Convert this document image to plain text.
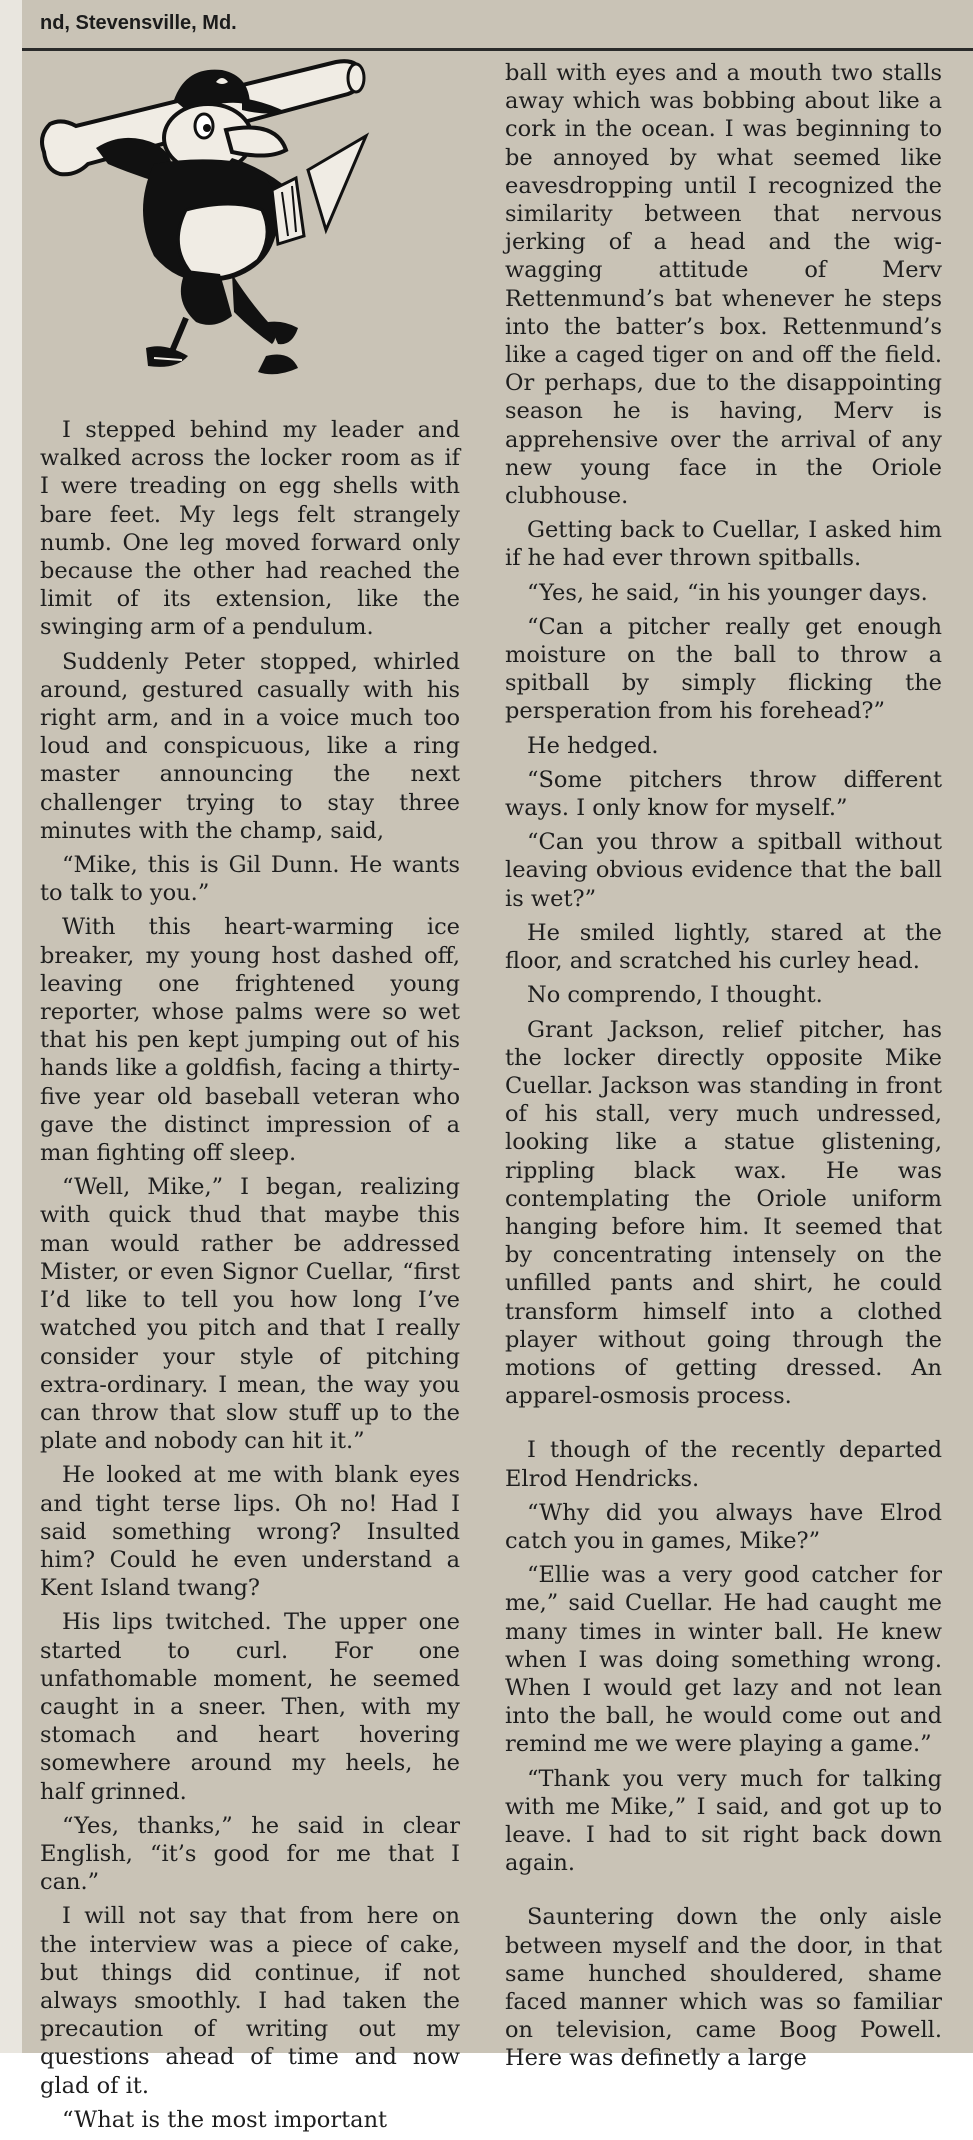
nd, Stevensville, Md.

I stepped behind my leader and walked across the locker room as if I were treading on egg shells with bare feet. My legs felt strangely numb. One leg moved forward only because the other had reached the limit of its extension, like the swinging arm of a pendulum.

Suddenly Peter stopped, whirled around, gestured casually with his right arm, and in a voice much too loud and conspicuous, like a ring master announcing the next challenger trying to stay three minutes with the champ, said,

“Mike, this is Gil Dunn. He wants to talk to you.”

With this heart-warming ice breaker, my young host dashed off, leaving one frightened young reporter, whose palms were so wet that his pen kept jumping out of his hands like a goldfish, facing a thirty-five year old baseball veteran who gave the distinct impression of a man fighting off sleep.

“Well, Mike,” I began, realizing with quick thud that maybe this man would rather be addressed Mister, or even Signor Cuellar, “first I’d like to tell you how long I’ve watched you pitch and that I really consider your style of pitching extra-ordinary. I mean, the way you can throw that slow stuff up to the plate and nobody can hit it.”

He looked at me with blank eyes and tight terse lips. Oh no! Had I said something wrong? Insulted him? Could he even understand a Kent Island twang?

His lips twitched. The upper one started to curl. For one unfathomable moment, he seemed caught in a sneer. Then, with my stomach and heart hovering somewhere around my heels, he half grinned.

“Yes, thanks,” he said in clear English, “it’s good for me that I can.”

I will not say that from here on the interview was a piece of cake, but things did continue, if not always smoothly. I had taken the precaution of writing out my questions ahead of time and now glad of it.

“What is the most important

ball with eyes and a mouth two stalls away which was bobbing about like a cork in the ocean. I was beginning to be annoyed by what seemed like eavesdropping until I recognized the similarity between that nervous jerking of a head and the wig-wagging attitude of Merv Rettenmund’s bat whenever he steps into the batter’s box. Rettenmund’s like a caged tiger on and off the field. Or perhaps, due to the disappointing season he is having, Merv is apprehensive over the arrival of any new young face in the Oriole clubhouse.

Getting back to Cuellar, I asked him if he had ever thrown spitballs.

“Yes, he said, “in his younger days.

“Can a pitcher really get enough moisture on the ball to throw a spitball by simply flicking the persperation from his forehead?”

He hedged.

“Some pitchers throw different ways. I only know for myself.”

“Can you throw a spitball without leaving obvious evidence that the ball is wet?”

He smiled lightly, stared at the floor, and scratched his curley head.

No comprendo, I thought.

Grant Jackson, relief pitcher, has the locker directly opposite Mike Cuellar. Jackson was standing in front of his stall, very much undressed, looking like a statue glistening, rippling black wax. He was contemplating the Oriole uniform hanging before him. It seemed that by concentrating intensely on the unfilled pants and shirt, he could transform himself into a clothed player without going through the motions of getting dressed. An apparel-osmosis process.

I though of the recently departed Elrod Hendricks.

“Why did you always have Elrod catch you in games, Mike?”

“Ellie was a very good catcher for me,” said Cuellar. He had caught me many times in winter ball. He knew when I was doing something wrong. When I would get lazy and not lean into the ball, he would come out and remind me we were playing a game.”

“Thank you very much for talking with me Mike,” I said, and got up to leave. I had to sit right back down again.

Sauntering down the only aisle between myself and the door, in that same hunched shouldered, shame faced manner which was so familiar on television, came Boog Powell. Here was definetly a large
